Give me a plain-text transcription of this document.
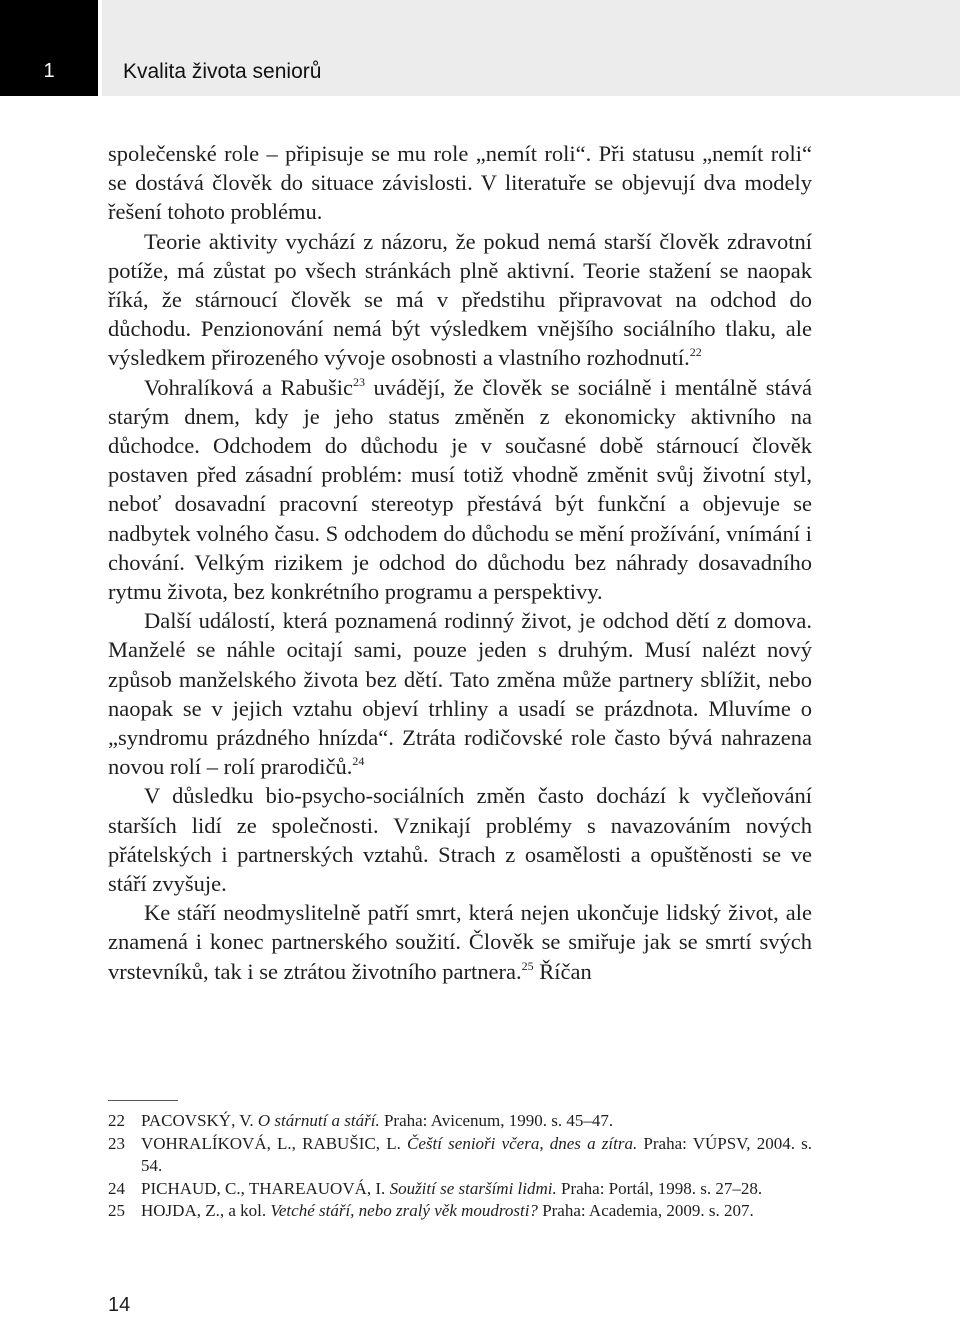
1	Kvalita života seniorů

společenské role – připisuje se mu role „nemít roli“. Při statusu „nemít roli“ se dostává člověk do situace závislosti. V literatuře se objevují dva modely řešení tohoto problému.

Teorie aktivity vychází z názoru, že pokud nemá starší člověk zdravotní potíže, má zůstat po všech stránkách plně aktivní. Teorie stažení se naopak říká, že stárnoucí člověk se má v předstihu připravovat na odchod do důchodu. Penzionování nemá být výsledkem vnějšího sociálního tlaku, ale výsledkem přirozeného vývoje osobnosti a vlastního rozhodnutí.$^{22}$

Vohralíková a Rabušic$^{23}$ uvádějí, že člověk se sociálně i mentálně stává starým dnem, kdy je jeho status změněn z ekonomicky aktivního na důchodce. Odchodem do důchodu je v současné době stárnoucí člověk postaven před zásadní problém: musí totiž vhodně změnit svůj životní styl, neboť dosavadní pracovní stereotyp přestává být funkční a objevuje se nadbytek volného času. S odchodem do důchodu se mění prožívání, vnímání i chování. Velkým rizikem je odchod do důchodu bez náhrady dosavadního rytmu života, bez konkrétního programu a perspektivy.

Další událostí, která poznamená rodinný život, je odchod dětí z domova. Manželé se náhle ocitají sami, pouze jeden s druhým. Musí nalézt nový způsob manželského života bez dětí. Tato změna může partnery sblížit, nebo naopak se v jejich vztahu objeví trhliny a usadí se prázdnota. Mluvíme o „syndromu prázdného hnízda“. Ztráta rodičovské role často bývá nahrazena novou rolí – rolí prarodičů.$^{24}$

V důsledku bio-psycho-sociálních změn často dochází k vyčleňování starších lidí ze společnosti. Vznikají problémy s navazováním nových přátelských i partnerských vztahů. Strach z osamělosti a opuštěnosti se ve stáří zvyšuje.

Ke stáří neodmyslitelně patří smrt, která nejen ukončuje lidský život, ale znamená i konec partnerského soužití. Člověk se smiřuje jak se smrtí svých vrstevníků, tak i se ztrátou životního partnera.$^{25}$ Říčan

22 PACOVSKÝ, V. O stárnutí a stáří. Praha: Avicenum, 1990. s. 45–47.
23 VOHRALÍKOVÁ, L., RABUŠIC, L. Čeští senioři včera, dnes a zítra. Praha: VÚPSV, 2004. s. 54.
24 PICHAUD, C., THAREAUOVÁ, I. Soužití se staršími lidmi. Praha: Portál, 1998. s. 27–28.
25 HOJDA, Z., a kol. Vetché stáří, nebo zralý věk moudrosti? Praha: Academia, 2009. s. 207.
14
